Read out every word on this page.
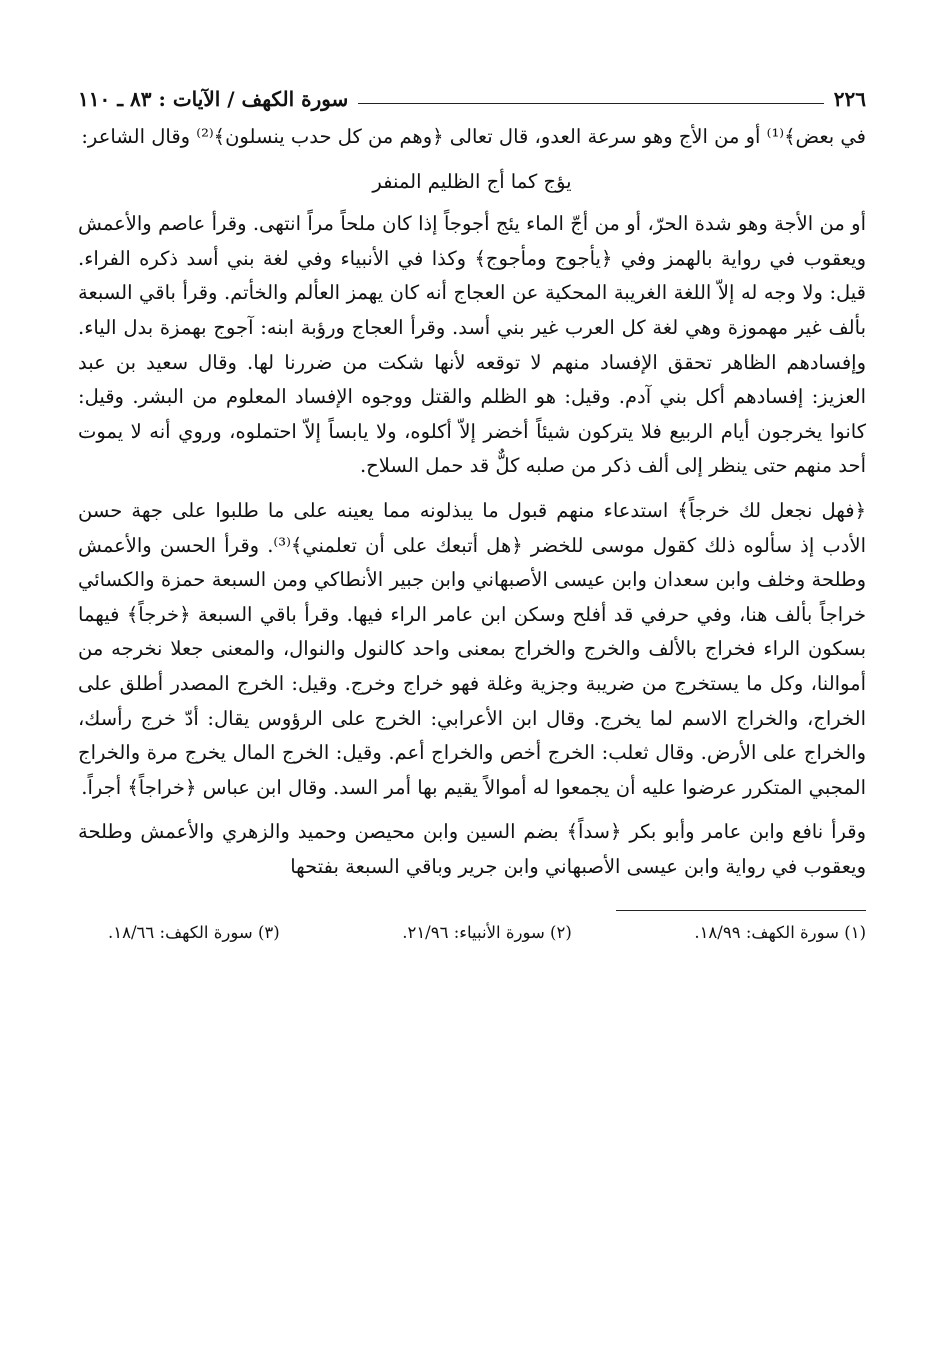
٢٢٦
سورة الكهف / الآيات : ٨٣ ـ ١١٠

في بعض﴾⁽¹⁾ أو من الأج وهو سرعة العدو، قال تعالى ﴿وهم من كل حدب ينسلون﴾⁽²⁾ وقال الشاعر:

يؤج كما أج الظليم المنفر

أو من الأجة وهو شدة الحرّ، أو من أجّ الماء يئج أجوجاً إذا كان ملحاً مراً انتهى. وقرأ عاصم والأعمش ويعقوب في رواية بالهمز وفي ﴿يأجوج ومأجوج﴾ وكذا في الأنبياء وفي لغة بني أسد ذكره الفراء. قيل: ولا وجه له إلاّ اللغة الغريبة المحكية عن العجاج أنه كان يهمز العألم والخأتم. وقرأ باقي السبعة بألف غير مهموزة وهي لغة كل العرب غير بني أسد. وقرأ العجاج ورؤبة ابنه: آجوج بهمزة بدل الياء. وإفسادهم الظاهر تحقق الإفساد منهم لا توقعه لأنها شكت من ضررنا لها. وقال سعيد بن عبد العزيز: إفسادهم أكل بني آدم. وقيل: هو الظلم والقتل ووجوه الإفساد المعلوم من البشر. وقيل: كانوا يخرجون أيام الربيع فلا يتركون شيئاً أخضر إلاّ أكلوه، ولا يابساً إلاّ احتملوه، وروي أنه لا يموت أحد منهم حتى ينظر إلى ألف ذكر من صلبه كلٌّ قد حمل السلاح.

﴿فهل نجعل لك خرجاً﴾ استدعاء منهم قبول ما يبذلونه مما يعينه على ما طلبوا على جهة حسن الأدب إذ سألوه ذلك كقول موسى للخضر ﴿هل أتبعك على أن تعلمني﴾⁽³⁾. وقرأ الحسن والأعمش وطلحة وخلف وابن سعدان وابن عيسى الأصبهاني وابن جبير الأنطاكي ومن السبعة حمزة والكسائي خراجاً بألف هنا، وفي حرفي قد أفلح وسكن ابن عامر الراء فيها. وقرأ باقي السبعة ﴿خرجاً﴾ فيهما بسكون الراء فخراج بالألف والخرج والخراج بمعنى واحد كالنول والنوال، والمعنى جعلا نخرجه من أموالنا، وكل ما يستخرج من ضريبة وجزية وغلة فهو خراج وخرج. وقيل: الخرج المصدر أطلق على الخراج، والخراج الاسم لما يخرج. وقال ابن الأعرابي: الخرج على الرؤوس يقال: أدّ خرج رأسك، والخراج على الأرض. وقال ثعلب: الخرج أخص والخراج أعم. وقيل: الخرج المال يخرج مرة والخراج المجبي المتكرر عرضوا عليه أن يجمعوا له أموالاً يقيم بها أمر السد. وقال ابن عباس ﴿خراجاً﴾ أجراً.

وقرأ نافع وابن عامر وأبو بكر ﴿سداً﴾ بضم السين وابن محيصن وحميد والزهري والأعمش وطلحة ويعقوب في رواية وابن عيسى الأصبهاني وابن جرير وباقي السبعة بفتحها

(١) سورة الكهف: ١٨/٩٩.
(٢) سورة الأنبياء: ٢١/٩٦.
(٣) سورة الكهف: ١٨/٦٦.
